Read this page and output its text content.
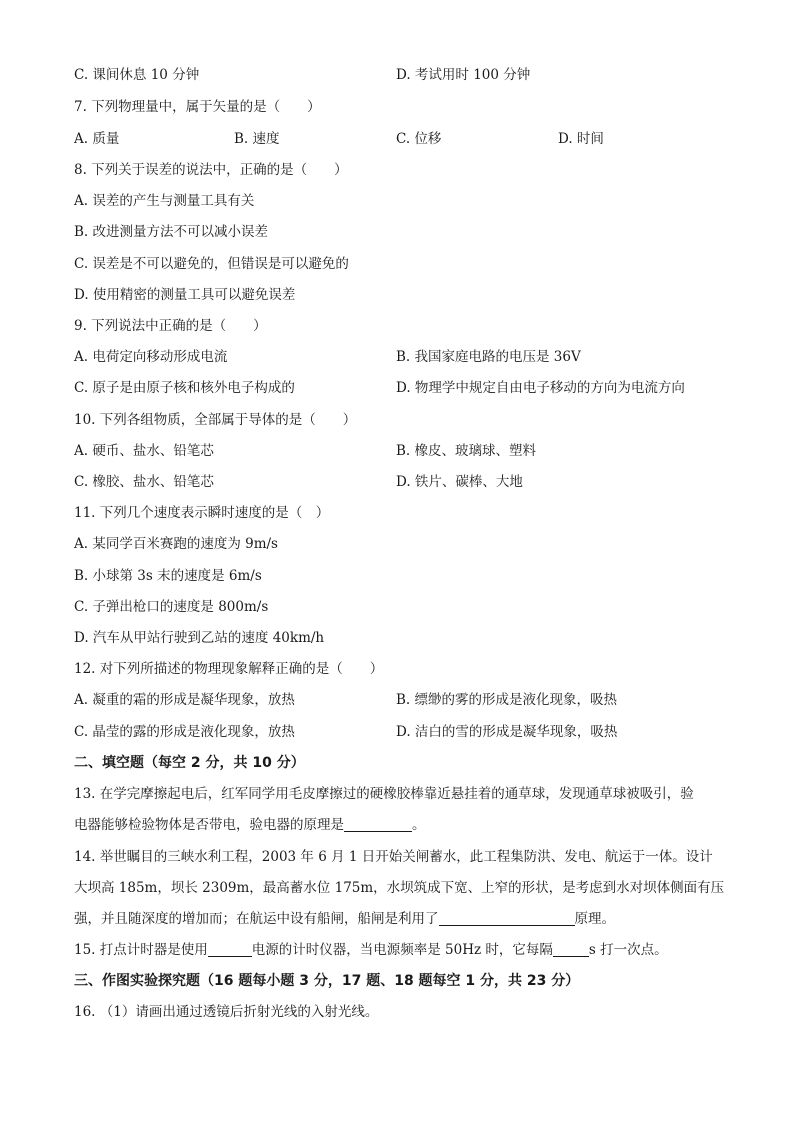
C. 课间休息 10 分钟	D. 考试用时 100 分钟
7. 下列物理量中，属于矢量的是（　　）
A. 质量	B. 速度	C. 位移	D. 时间
8. 下列关于误差的说法中，正确的是（　　）
A. 误差的产生与测量工具有关
B. 改进测量方法不可以减小误差
C. 误差是不可以避免的，但错误是可以避免的
D. 使用精密的测量工具可以避免误差
9. 下列说法中正确的是（　　）
A. 电荷定向移动形成电流	B. 我国家庭电路的电压是 36V
C. 原子是由原子核和核外电子构成的	D. 物理学中规定自由电子移动的方向为电流方向
10. 下列各组物质，全部属于导体的是（　　）
A. 硬币、盐水、铅笔芯	B. 橡皮、玻璃球、塑料
C. 橡胶、盐水、铅笔芯	D. 铁片、碳棒、大地
11. 下列几个速度表示瞬时速度的是（　）
A. 某同学百米赛跑的速度为 9m/s
B. 小球第 3s 末的速度是 6m/s
C. 子弹出枪口的速度是 800m/s
D. 汽车从甲站行驶到乙站的速度 40km/h
12. 对下列所描述的物理现象解释正确的是（　　）
A. 凝重的霜的形成是凝华现象，放热	B. 缥缈的雾的形成是液化现象，吸热
C. 晶莹的露的形成是液化现象，放热	D. 洁白的雪的形成是凝华现象，吸热
二、填空题（每空 2 分，共 10 分）
13. 在学完摩擦起电后，红军同学用毛皮摩擦过的硬橡胶棒靠近悬挂着的通草球，发现通草球被吸引，验
电器能够检验物体是否带电，验电器的原理是	。
14. 举世瞩目的三峡水利工程，2003 年 6 月 1 日开始关闸蓄水，此工程集防洪、发电、航运于一体。设计
大坝高 185m，坝长 2309m，最高蓄水位 175m，水坝筑成下宽、上窄的形状，是考虑到水对坝体侧面有压
强，并且随深度的增加而；在航运中设有船闸，船闸是利用了	原理。
15. 打点计时器是使用	电源的计时仪器，当电源频率是 50Hz 时，它每隔	s 打一次点。
三、作图实验探究题（16 题每小题 3 分，17 题、18 题每空 1 分，共 23 分）
16. （1）请画出通过透镜后折射光线的入射光线。
